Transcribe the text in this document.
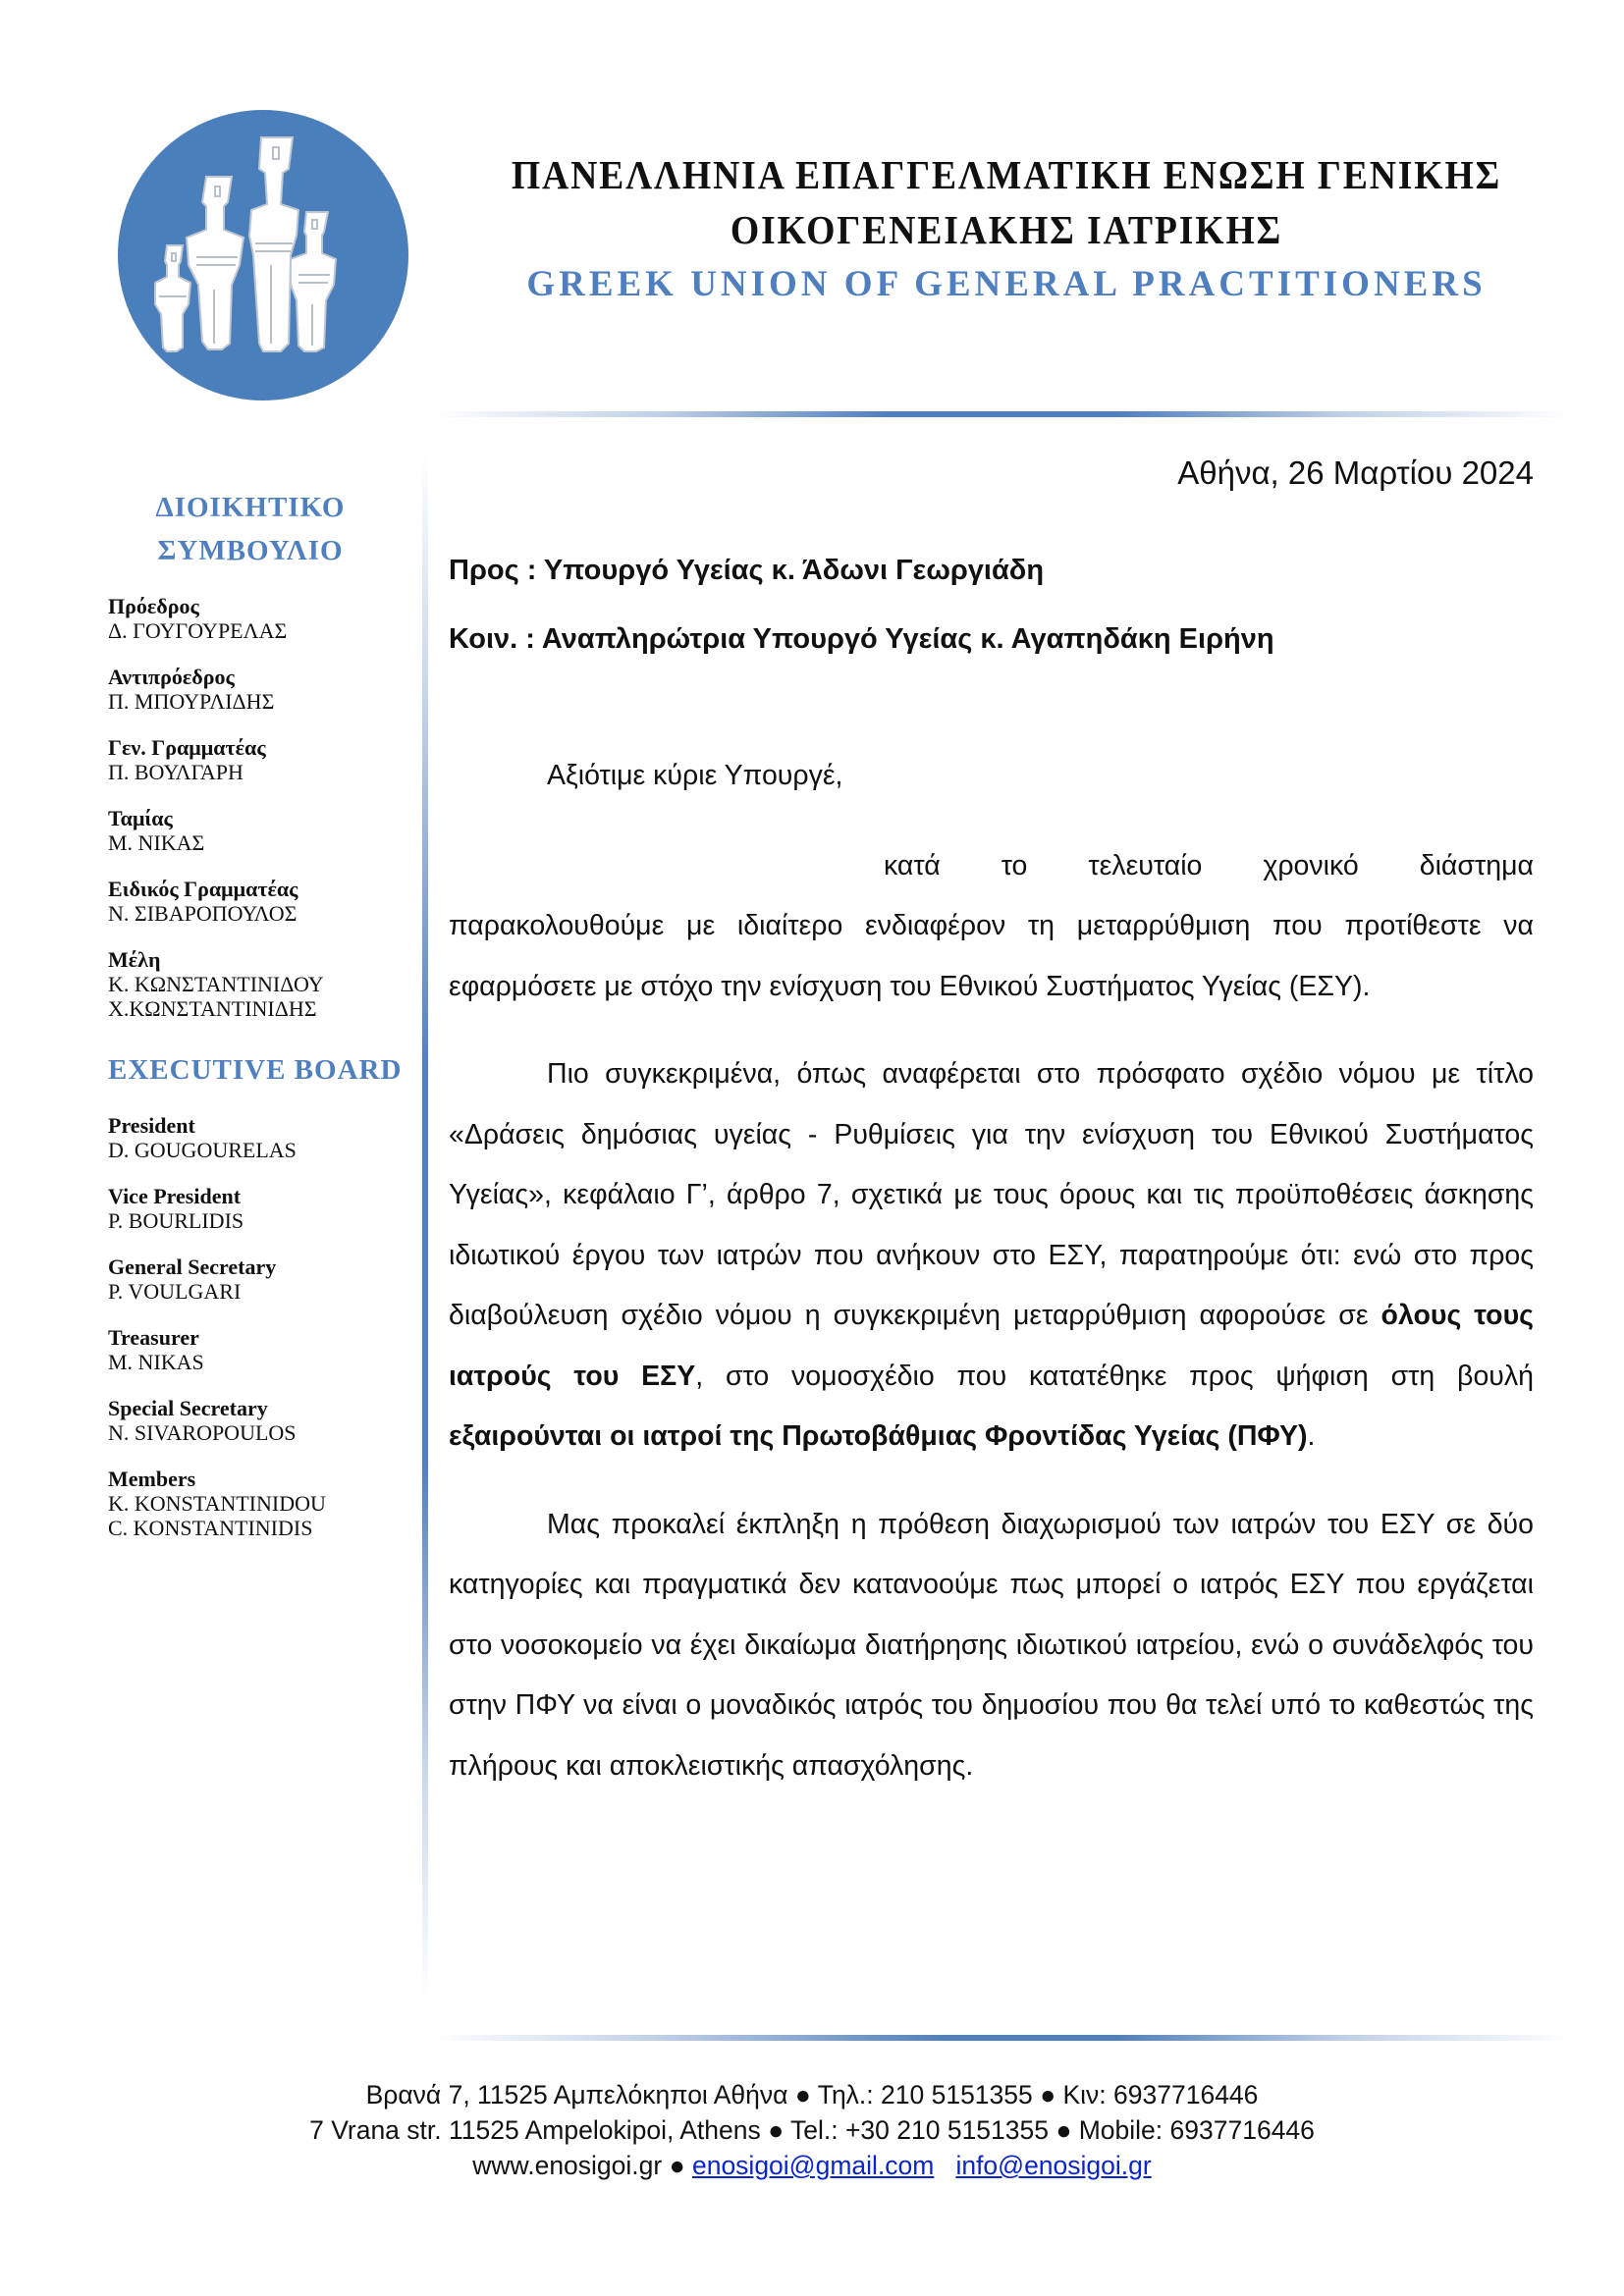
ΠΑΝΕΛΛΗΝΙΑ ΕΠΑΓΓΕΛΜΑΤΙΚΗ ΕΝΩΣΗ ΓΕΝΙΚΗΣ
ΟΙΚΟΓΕΝΕΙΑΚΗΣ ΙΑΤΡΙΚΗΣ
GREEK UNION OF GENERAL PRACTITIONERS
ΔΙΟΙΚΗΤΙΚΟ
ΣΥΜΒΟΥΛΙΟ
Πρόεδρος
Δ. ΓΟΥΓΟΥΡΕΛΑΣ
Αντιπρόεδρος
Π. ΜΠΟΥΡΛΙΔΗΣ
Γεν. Γραμματέας
Π. ΒΟΥΛΓΑΡΗ
Ταμίας
Μ. ΝΙΚΑΣ
Ειδικός Γραμματέας
Ν. ΣΙΒΑΡΟΠΟΥΛΟΣ
Μέλη
Κ. ΚΩΝΣΤΑΝΤΙΝΙΔΟΥ
Χ.ΚΩΝΣΤΑΝΤΙΝΙΔΗΣ
EXECUTIVE BOARD
President
D. GOUGOURELAS
Vice President
P. BOURLIDIS
General Secretary
P. VOULGARI
Treasurer
M. NIKAS
Special Secretary
N. SIVAROPOULOS
Members
K. KONSTANTINIDOU
C. KONSTANTINIDIS
Αθήνα, 26 Μαρτίου 2024
Προς : Υπουργό Υγείας κ. Άδωνι Γεωργιάδη
Κοιν. : Αναπληρώτρια Υπουργό Υγείας κ. Αγαπηδάκη Ειρήνη

Αξιότιμε κύριε Υπουργέ,

κατά το τελευταίο χρονικό διάστημα παρακολουθούμε με ιδιαίτερο ενδιαφέρον τη μεταρρύθμιση που προτίθεστε να εφαρμόσετε με στόχο την ενίσχυση του Εθνικού Συστήματος Υγείας (ΕΣΥ).

Πιο συγκεκριμένα, όπως αναφέρεται στο πρόσφατο σχέδιο νόμου με τίτλο «Δράσεις δημόσιας υγείας - Ρυθμίσεις για την ενίσχυση του Εθνικού Συστήματος Υγείας», κεφάλαιο Γ’, άρθρο 7, σχετικά με τους όρους και τις προϋποθέσεις άσκησης ιδιωτικού έργου των ιατρών που ανήκουν στο ΕΣΥ, παρατηρούμε ότι: ενώ στο προς διαβούλευση σχέδιο νόμου η συγκεκριμένη μεταρρύθμιση αφορούσε σε όλους τους ιατρούς του ΕΣΥ, στο νομοσχέδιο που κατατέθηκε προς ψήφιση στη βουλή εξαιρούνται οι ιατροί της Πρωτοβάθμιας Φροντίδας Υγείας (ΠΦΥ).

Μας προκαλεί έκπληξη η πρόθεση διαχωρισμού των ιατρών του ΕΣΥ σε δύο κατηγορίες και πραγματικά δεν κατανοούμε πως μπορεί ο ιατρός ΕΣΥ που εργάζεται στο νοσοκομείο να έχει δικαίωμα διατήρησης ιδιωτικού ιατρείου, ενώ ο συνάδελφός του στην ΠΦΥ να είναι ο μοναδικός ιατρός του δημοσίου που θα τελεί υπό το καθεστώς της πλήρους και αποκλειστικής απασχόλησης.

Βρανά 7, 11525 Αμπελόκηποι Αθήνα ● Τηλ.: 210 5151355 ● Κιν: 6937716446
7 Vrana str. 11525 Ampelokipoi, Athens ● Tel.: +30 210 5151355 ● Mobile: 6937716446
www.enosigoi.gr ● enosigoi@gmail.com info@enosigoi.gr
